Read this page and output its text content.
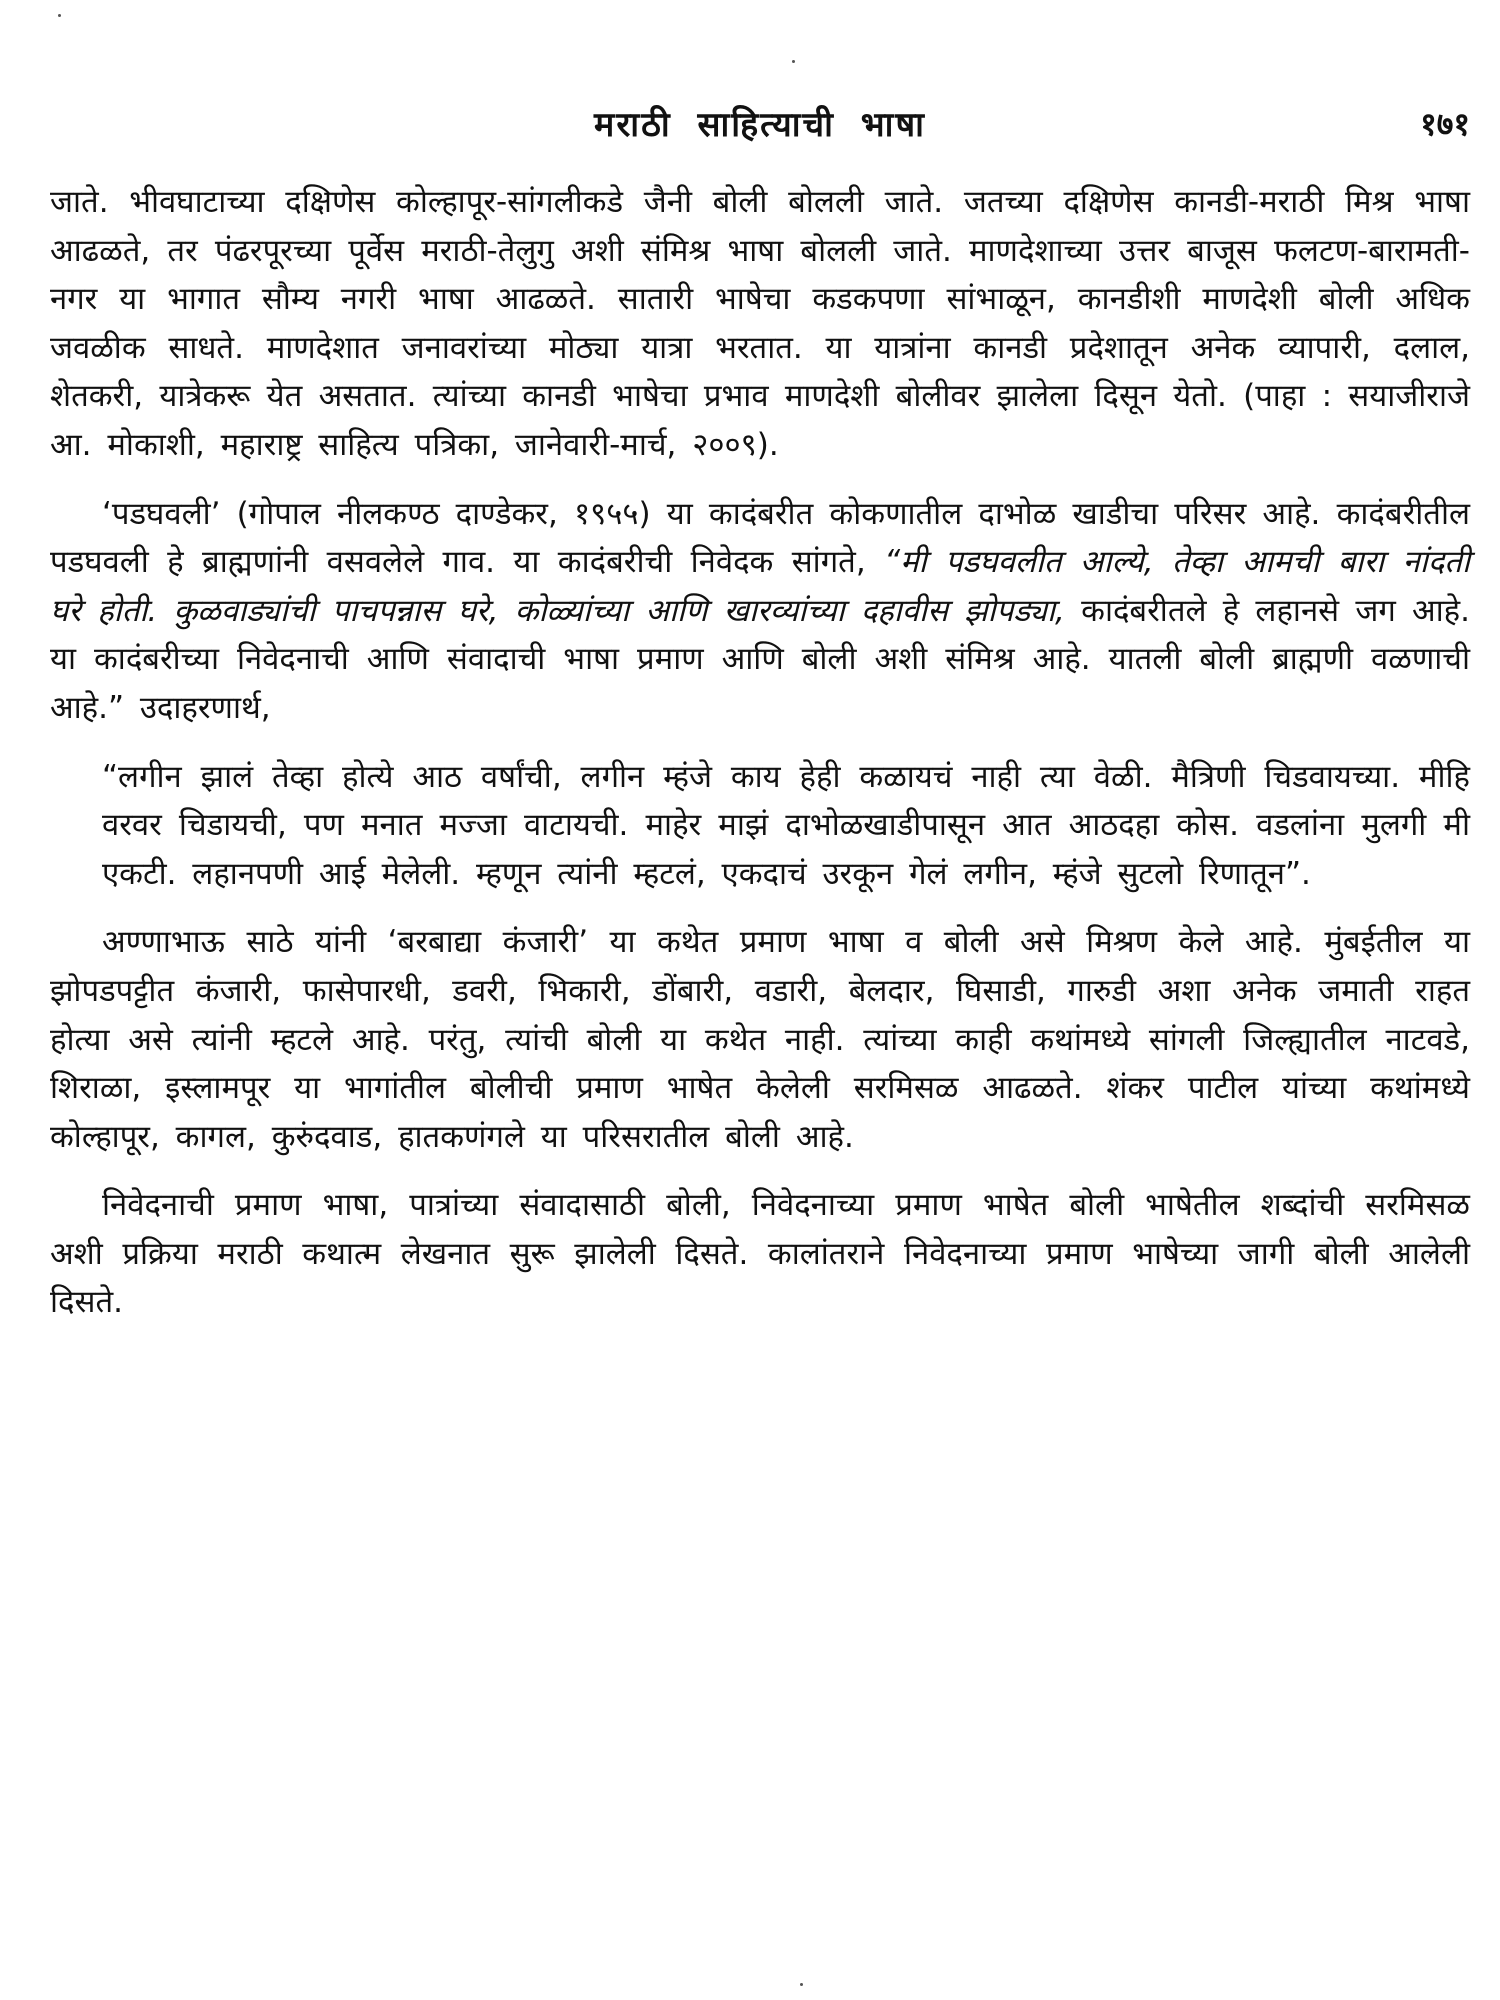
मराठी साहित्याची भाषा	१७१

जाते. भीवघाटाच्या दक्षिणेस कोल्हापूर-सांगलीकडे जैनी बोली बोलली जाते. जतच्या दक्षिणेस कानडी-मराठी मिश्र भाषा आढळते, तर पंढरपूरच्या पूर्वेस मराठी-तेलुगु अशी संमिश्र भाषा बोलली जाते. माणदेशाच्या उत्तर बाजूस फलटण-बारामती-नगर या भागात सौम्य नगरी भाषा आढळते. सातारी भाषेचा कडकपणा सांभाळून, कानडीशी माणदेशी बोली अधिक जवळीक साधते. माणदेशात जनावरांच्या मोठ्या यात्रा भरतात. या यात्रांना कानडी प्रदेशातून अनेक व्यापारी, दलाल, शेतकरी, यात्रेकरू येत असतात. त्यांच्या कानडी भाषेचा प्रभाव माणदेशी बोलीवर झालेला दिसून येतो. (पाहा : सयाजीराजे आ. मोकाशी, महाराष्ट्र साहित्य पत्रिका, जानेवारी-मार्च, २००९).

‘पडघवली’ (गोपाल नीलकण्ठ दाण्डेकर, १९५५) या कादंबरीत कोकणातील दाभोळ खाडीचा परिसर आहे. कादंबरीतील पडघवली हे ब्राह्मणांनी वसवलेले गाव. या कादंबरीची निवेदक सांगते, “मी पडघवलीत आल्ये, तेव्हा आमची बारा नांदती घरे होती. कुळवाड्यांची पाचपन्नास घरे, कोळ्यांच्या आणि खारव्यांच्या दहावीस झोपड्या, कादंबरीतले हे लहानसे जग आहे. या कादंबरीच्या निवेदनाची आणि संवादाची भाषा प्रमाण आणि बोली अशी संमिश्र आहे. यातली बोली ब्राह्मणी वळणाची आहे.” उदाहरणार्थ,

“लगीन झालं तेव्हा होत्ये आठ वर्षांची, लगीन म्हंजे काय हेही कळायचं नाही त्या वेळी. मैत्रिणी चिडवायच्या. मीहि वरवर चिडायची, पण मनात मज्जा वाटायची. माहेर माझं दाभोळखाडीपासून आत आठदहा कोस. वडलांना मुलगी मी एकटी. लहानपणी आई मेलेली. म्हणून त्यांनी म्हटलं, एकदाचं उरकून गेलं लगीन, म्हंजे सुटलो रिणातून”.

अण्णाभाऊ साठे यांनी ‘बरबाद्या कंजारी’ या कथेत प्रमाण भाषा व बोली असे मिश्रण केले आहे. मुंबईतील या झोपडपट्टीत कंजारी, फासेपारधी, डवरी, भिकारी, डोंबारी, वडारी, बेलदार, घिसाडी, गारुडी अशा अनेक जमाती राहत होत्या असे त्यांनी म्हटले आहे. परंतु, त्यांची बोली या कथेत नाही. त्यांच्या काही कथांमध्ये सांगली जिल्ह्यातील नाटवडे, शिराळा, इस्लामपूर या भागांतील बोलीची प्रमाण भाषेत केलेली सरमिसळ आढळते. शंकर पाटील यांच्या कथांमध्ये कोल्हापूर, कागल, कुरुंदवाड, हातकणंगले या परिसरातील बोली आहे.

निवेदनाची प्रमाण भाषा, पात्रांच्या संवादासाठी बोली, निवेदनाच्या प्रमाण भाषेत बोली भाषेतील शब्दांची सरमिसळ अशी प्रक्रिया मराठी कथात्म लेखनात सुरू झालेली दिसते. कालांतराने निवेदनाच्या प्रमाण भाषेच्या जागी बोली आलेली दिसते.
